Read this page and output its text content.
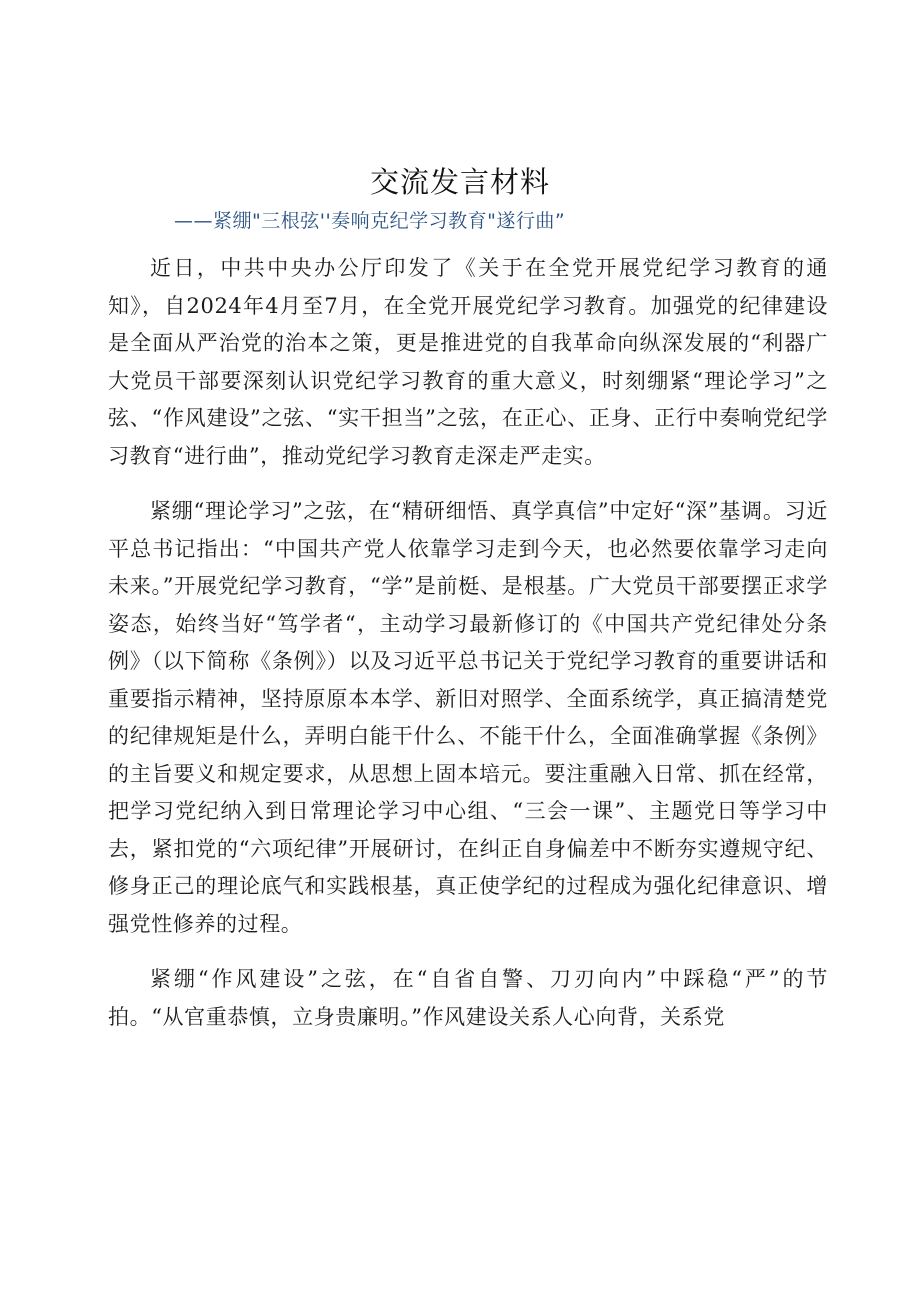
交流发言材料
——紧绷"三根弦''奏响克纪学习教育"遂行曲”

近日，中共中央办公厅印发了《关于在全党开展党纪学习教育的通知》，自2024年4月至7月，在全党开展党纪学习教育。加强党的纪律建设是全面从严治党的治本之策，更是推进党的自我革命向纵深发展的“利器广大党员干部要深刻认识党纪学习教育的重大意义，时刻绷紧“理论学习”之弦、“作风建设”之弦、“实干担当”之弦，在正心、正身、正行中奏响党纪学习教育“进行曲”，推动党纪学习教育走深走严走实。

紧绷“理论学习”之弦，在“精研细悟、真学真信”中定好“深”基调。习近平总书记指出：“中国共产党人依靠学习走到今天，也必然要依靠学习走向未来。”开展党纪学习教育，“学”是前梃、是根基。广大党员干部要摆正求学姿态，始终当好“笃学者“，主动学习最新修订的《中国共产党纪律处分条例》（以下简称《条例》）以及习近平总书记关于党纪学习教育的重要讲话和重要指示精神，坚持原原本本学、新旧对照学、全面系统学，真正搞清楚党的纪律规矩是什么，弄明白能干什么、不能干什么，全面准确掌握《条例》的主旨要义和规定要求，从思想上固本培元。要注重融入日常、抓在经常，把学习党纪纳入到日常理论学习中心组、“三会一课”、主题党日等学习中去，紧扣党的“六项纪律”开展研讨，在纠正自身偏差中不断夯实遵规守纪、修身正己的理论底气和实践根基，真正使学纪的过程成为强化纪律意识、增强党性修养的过程。

紧绷“作风建设”之弦，在“自省自警、刀刃向内”中踩稳“严”的节拍。“从官重恭慎，立身贵廉明。”作风建设关系人心向背，关系党
